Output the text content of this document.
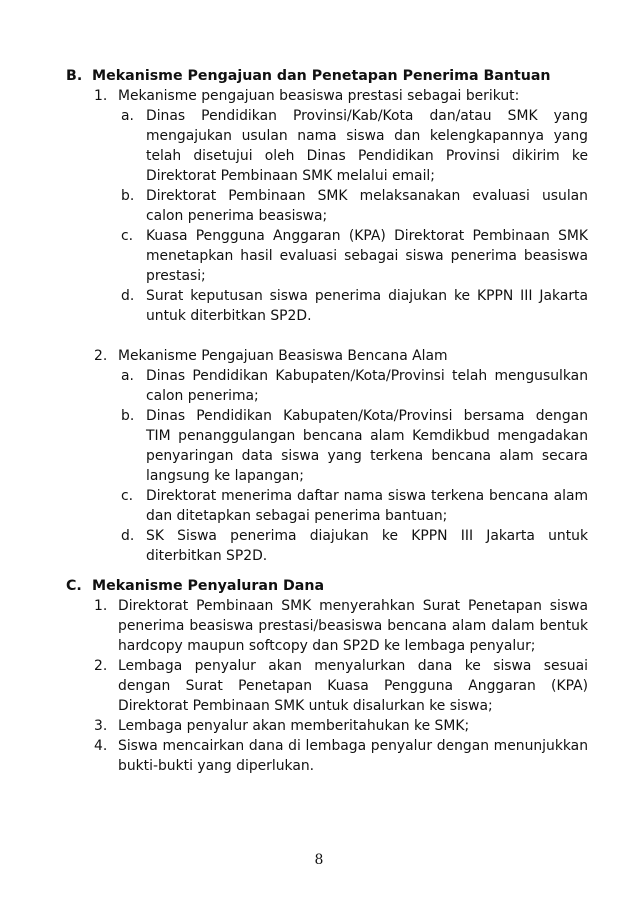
B. Mekanisme Pengajuan dan Penetapan Penerima Bantuan
1. Mekanisme pengajuan beasiswa prestasi sebagai berikut:
a. Dinas Pendidikan Provinsi/Kab/Kota dan/atau SMK yang mengajukan usulan nama siswa dan kelengkapannya yang telah disetujui oleh Dinas Pendidikan Provinsi dikirim ke Direktorat Pembinaan SMK melalui email;
b. Direktorat Pembinaan SMK melaksanakan evaluasi usulan calon penerima beasiswa;
c. Kuasa Pengguna Anggaran (KPA) Direktorat Pembinaan SMK menetapkan hasil evaluasi sebagai siswa penerima beasiswa prestasi;
d. Surat keputusan siswa penerima diajukan ke KPPN III Jakarta untuk diterbitkan SP2D.
2. Mekanisme Pengajuan Beasiswa Bencana Alam
a. Dinas Pendidikan Kabupaten/Kota/Provinsi telah mengusulkan calon penerima;
b. Dinas Pendidikan Kabupaten/Kota/Provinsi bersama dengan TIM penanggulangan bencana alam Kemdikbud mengadakan penyaringan data siswa yang terkena bencana alam secara langsung ke lapangan;
c. Direktorat menerima daftar nama siswa terkena bencana alam dan ditetapkan sebagai penerima bantuan;
d. SK Siswa penerima diajukan ke KPPN III Jakarta untuk diterbitkan SP2D.
C. Mekanisme Penyaluran Dana
1. Direktorat Pembinaan SMK menyerahkan Surat Penetapan siswa penerima beasiswa prestasi/beasiswa bencana alam dalam bentuk hardcopy maupun softcopy dan SP2D ke lembaga penyalur;
2. Lembaga penyalur akan menyalurkan dana ke siswa sesuai dengan Surat Penetapan Kuasa Pengguna Anggaran (KPA) Direktorat Pembinaan SMK untuk disalurkan ke siswa;
3. Lembaga penyalur akan memberitahukan ke SMK;
4. Siswa mencairkan dana di lembaga penyalur dengan menunjukkan bukti-bukti yang diperlukan.
8
